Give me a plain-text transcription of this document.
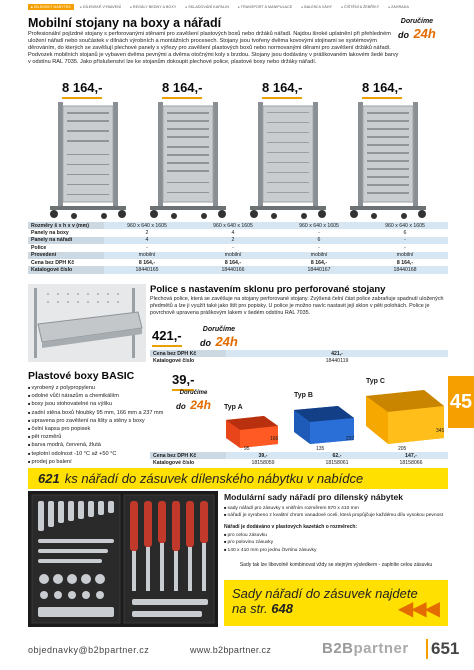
■ DÍLENSKÝ NÁBYTEK	■ DÍLENSKÉ VYBAVENÍ	■ REGÁLY BEDNY A BOXY	■ SKLADOVÁNÍ KAPALIN	■ TRANSPORT A MANIPULACE	■ BALENÍ A VÁHY	■ ČIŠTĚNÍ A ŽEBŘÍKY	■ ZAHRADA
Mobilní stojany na boxy a nářadí	Doručíme
do 24h
Profesionální pojízdné stojany s perforovanými stěnami pro zavěšení plastových boxů nebo držáků nářadí. Najdou široké uplatnění při přehledném uložení nářadí nebo součástek v dílnách výrobních a montážních procesech. Stojany jsou tvořeny dvěma kovovými stojinami se systémovým děrováním, do kterých se zavěšují plechové panely s výřezy pro zavěšení plastových boxů nebo normovanými děrami pro zavěšení držáků nářadí. Podvozek mobilních stojanů je vybaven dvěma pevnými a dvěma otočnými koly s brzdou. Stojany jsou dodávány v práškovaném lakovém šedé barvy v odstínu RAL 7035. Jako příslušenství lze ke stojanům dokoupit plechové police, plastové boxy nebo držáky nářadí.
8 164,-	8 164,-	8 164,-	8 164,-
Rozměry š x h x v (mm)	960 x 640 x 1605	960 x 640 x 1605	960 x 640 x 1605	960 x 640 x 1605
Panely na boxy	2	4	-	6
Panely na nářadí	4	2	6	-
Police	-	-	-	-
Provedení	mobilní	mobilní	mobilní	mobilní
Cena bez DPH Kč	8 164,-	8 164,-	8 164,-	8 164,-
Katalogové číslo	18440165	18440166	18440167	18440168
Police s nastavením sklonu pro perforované stojany
Plechová police, která se zavěšuje na stojany perforované stojany. Zvýšená čelní část police zabraňuje spadnutí uložených předmětů a lze ji využít také jako štít pro popisky. U police je možno navíc nastavit její sklon v pěti polohách. Police je povrchově upravena práškovým lakem v šedém odstínu RAL 7035.
421,-	Doručíme
do 24h
Cena bez DPH Kč	421,-
Katalogové číslo	18440119
Plastové boxy BASIC	39,-
Doručíme
do 24h
■ vyrobený z polypropylenu
■ odolné vůči nárazům a chemikáliím
■ boxy jsou stohovatelné na výšku
■ zadní stěna boxů hloubky 95 mm, 166 mm a 237 mm
■ upravena pro zavěšení na lišty a stěny s boxy
■ čelní kapsa pro popisek
■ pět rozměrů
■ barva modrá, červená, žlutá
■ teplotní odolnost -10 °C až +50 °C
■ prodej po balení
Typ A
Typ B
Typ C
95
166
135
237
205
345
Cena bez DPH Kč	39,-	62,-	147,-
Katalogové číslo	18158059	18158061	18158066
45
621 ks nářadí do zásuvek dílenského nábytku v nabídce
Modulární sady nářadí pro dílenský nábytek
■ sady nářadí pro zásuvky s vnitřním rozměrem 570 x 410 mm
■ nářadí je vyrobeno z kvalitní chrom vanadové oceli, která propůjčuje každému dílu vysokou pevnost
Nářadí je dodáváno v plastových kazetách o rozměrech:
■ pro celou zásuvku
■ pro polovinu zásuvky
■ 140 x 410 mm pro jednu čtvrtinu zásuvky
Sady tak lze libovolně kombinovat vždy se stejným výsledkem - zaplníte celou zásuvku
Sady nářadí do zásuvek najdete
na str. 648	◀◀◀
objednavky@b2bpartner.cz	www.b2bpartner.cz	B2Bpartner 651
